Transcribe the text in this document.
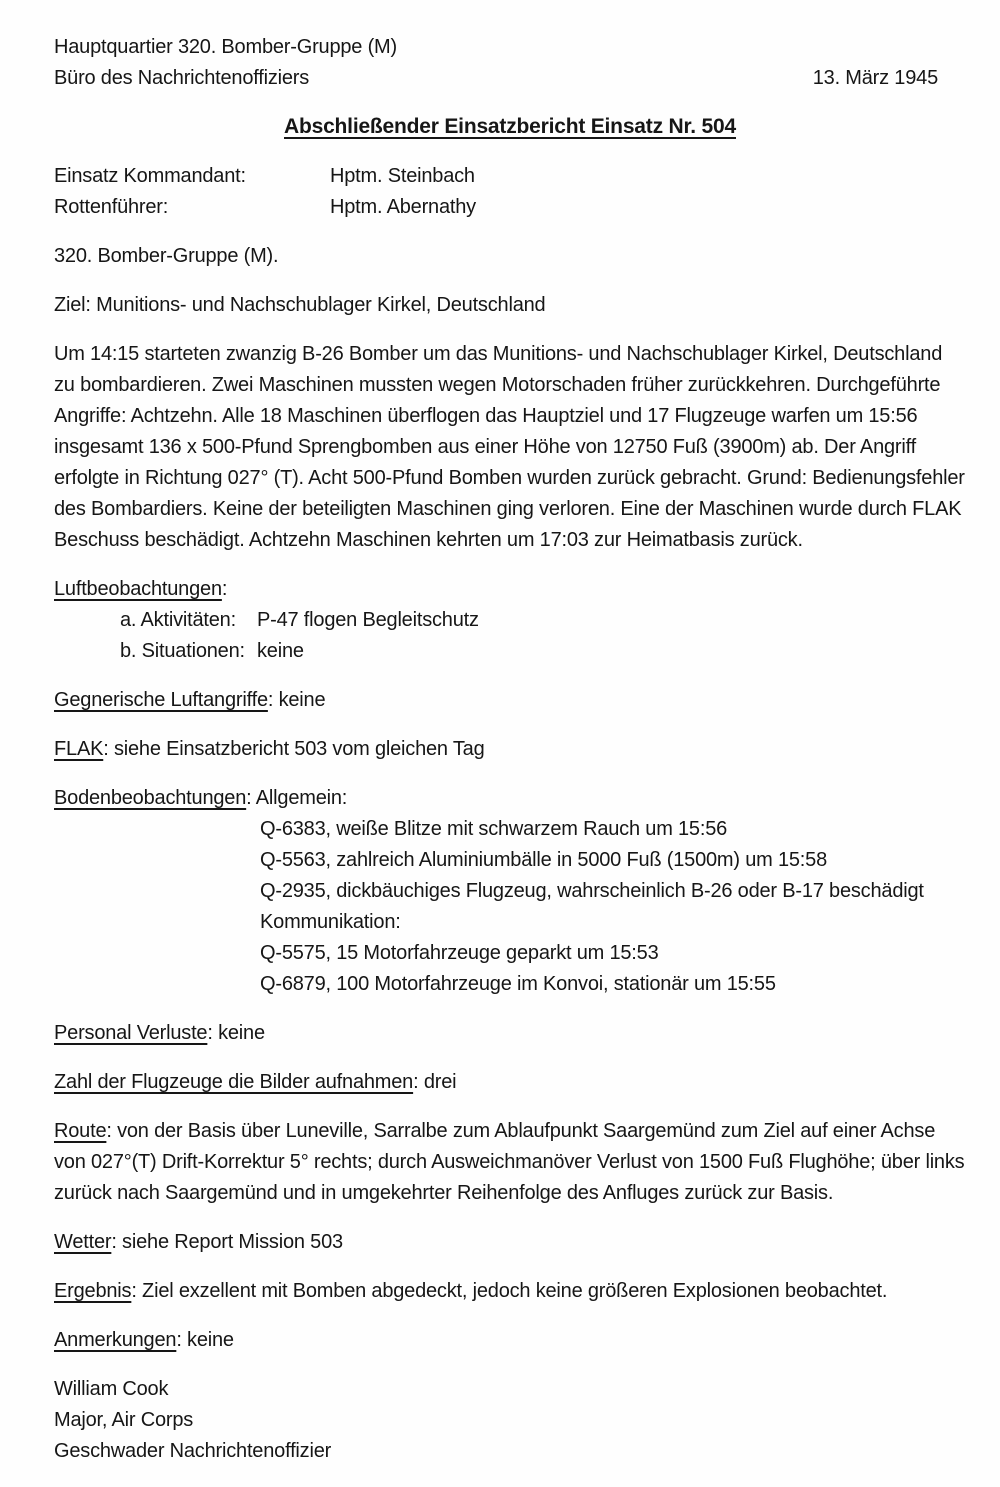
Hauptquartier 320. Bomber-Gruppe (M)
Büro des Nachrichtenoffiziers	13. März 1945
Abschließender Einsatzbericht Einsatz Nr. 504
Einsatz Kommandant:	Hptm. Steinbach
Rottenführer:	Hptm. Abernathy
320. Bomber-Gruppe (M).
Ziel: Munitions- und Nachschublager Kirkel, Deutschland
Um 14:15 starteten zwanzig B-26 Bomber um das Munitions- und Nachschublager Kirkel, Deutschland zu bombardieren. Zwei Maschinen mussten wegen Motorschaden früher zurückkehren. Durchgeführte Angriffe: Achtzehn. Alle 18 Maschinen überflogen das Hauptziel und 17 Flugzeuge warfen um 15:56 insgesamt 136 x 500-Pfund Sprengbomben aus einer Höhe von 12750 Fuß (3900m) ab. Der Angriff erfolgte in Richtung 027° (T). Acht 500-Pfund Bomben wurden zurück gebracht. Grund: Bedienungsfehler des Bombardiers. Keine der beteiligten Maschinen ging verloren. Eine der Maschinen wurde durch FLAK Beschuss beschädigt. Achtzehn Maschinen kehrten um 17:03 zur Heimatbasis zurück.
Luftbeobachtungen:
a. Aktivitäten: P-47 flogen Begleitschutz
b. Situationen: keine
Gegnerische Luftangriffe: keine
FLAK: siehe Einsatzbericht 503 vom gleichen Tag
Bodenbeobachtungen: Allgemein:
Q-6383, weiße Blitze mit schwarzem Rauch um 15:56
Q-5563, zahlreich Aluminiumbälle in 5000 Fuß (1500m) um 15:58
Q-2935, dickbäuchiges Flugzeug, wahrscheinlich B-26 oder B-17 beschädigt
Kommunikation:
Q-5575, 15 Motorfahrzeuge geparkt um 15:53
Q-6879, 100 Motorfahrzeuge im Konvoi, stationär um 15:55
Personal Verluste: keine
Zahl der Flugzeuge die Bilder aufnahmen: drei
Route: von der Basis über Luneville, Sarralbe zum Ablaufpunkt Saargemünd zum Ziel auf einer Achse von 027°(T) Drift-Korrektur 5° rechts; durch Ausweichmanöver Verlust von 1500 Fuß Flughöhe; über links zurück nach Saargemünd und in umgekehrter Reihenfolge des Anfluges zurück zur Basis.
Wetter: siehe Report Mission 503
Ergebnis: Ziel exzellent mit Bomben abgedeckt, jedoch keine größeren Explosionen beobachtet.
Anmerkungen: keine
William Cook
Major, Air Corps
Geschwader Nachrichtenoffizier
